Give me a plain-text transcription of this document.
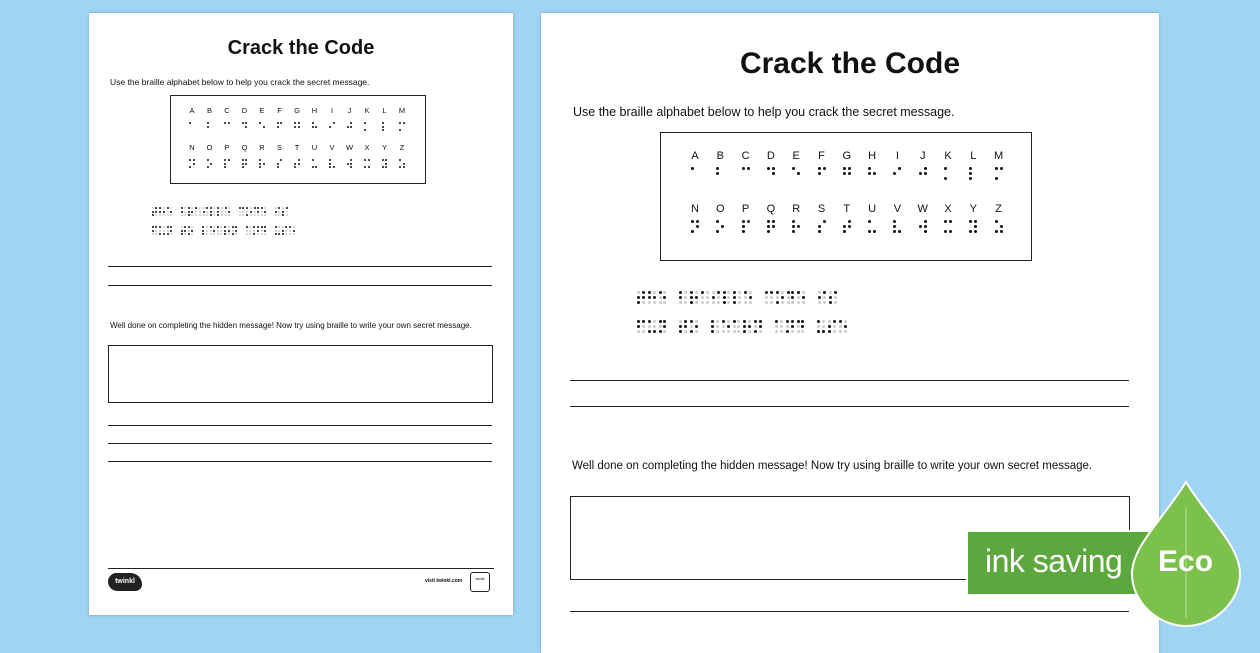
Crack the Code
Use the braille alphabet below to help you crack the secret message.
A	B	C	D	E	F	G	H	I	J	K	L	M
N	O	P	Q	R	S	T	U	V	W	X	Y	Z
Well done on completing the hidden message! Now try using braille to write your own secret message.
twinkl	visit twinkl.com	twinkl
Crack the Code
Use the braille alphabet below to help you crack the secret message.
A	B	C	D	E	F	G	H	I	J	K	L	M
N	O	P	Q	R	S	T	U	V	W	X	Y	Z
Well done on completing the hidden message! Now try using braille to write your own secret message.
ink saving Eco
